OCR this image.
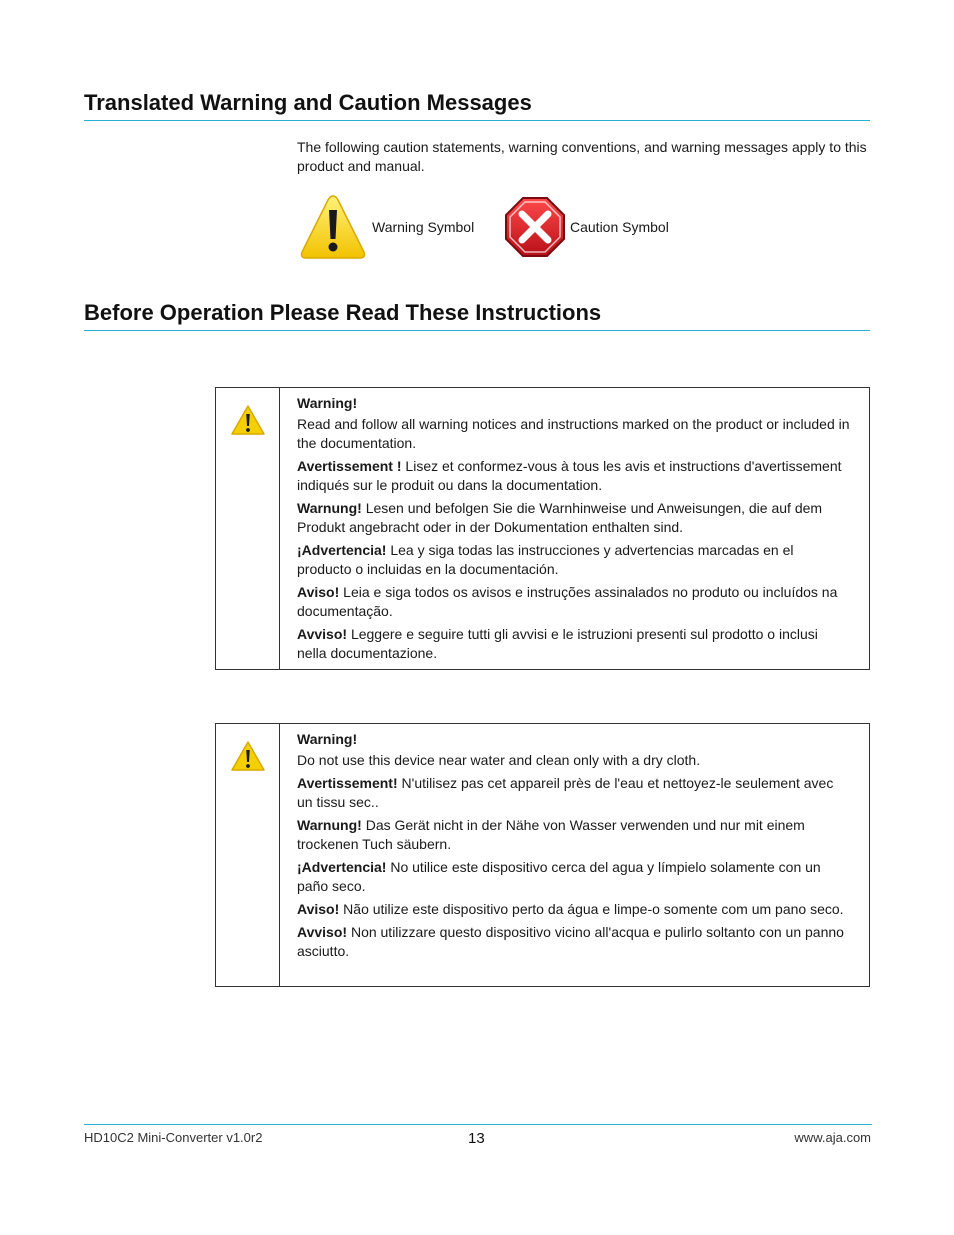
Translated Warning and Caution Messages
The following caution statements, warning conventions, and warning messages apply to this product and manual.
Warning Symbol	Caution Symbol
Before Operation Please Read These Instructions

Warning!

Read and follow all warning notices and instructions marked on the product or included in the documentation.

Avertissement ! Lisez et conformez-vous à tous les avis et instructions d'avertissement indiqués sur le produit ou dans la documentation.

Warnung! Lesen und befolgen Sie die Warnhinweise und Anweisungen, die auf dem Produkt angebracht oder in der Dokumentation enthalten sind.

¡Advertencia! Lea y siga todas las instrucciones y advertencias marcadas en el producto o incluidas en la documentación.

Aviso! Leia e siga todos os avisos e instruções assinalados no produto ou incluídos na documentação.

Avviso! Leggere e seguire tutti gli avvisi e le istruzioni presenti sul prodotto o inclusi nella documentazione.

Warning!

Do not use this device near water and clean only with a dry cloth.

Avertissement! N'utilisez pas cet appareil près de l'eau et nettoyez-le seulement avec un tissu sec..

Warnung! Das Gerät nicht in der Nähe von Wasser verwenden und nur mit einem trockenen Tuch säubern.

¡Advertencia! No utilice este dispositivo cerca del agua y límpielo solamente con un paño seco.

Aviso! Não utilize este dispositivo perto da água e limpe-o somente com um pano seco.

Avviso! Non utilizzare questo dispositivo vicino all'acqua e pulirlo soltanto con un panno asciutto.

HD10C2 Mini-Converter v1.0r2	13	www.aja.com
